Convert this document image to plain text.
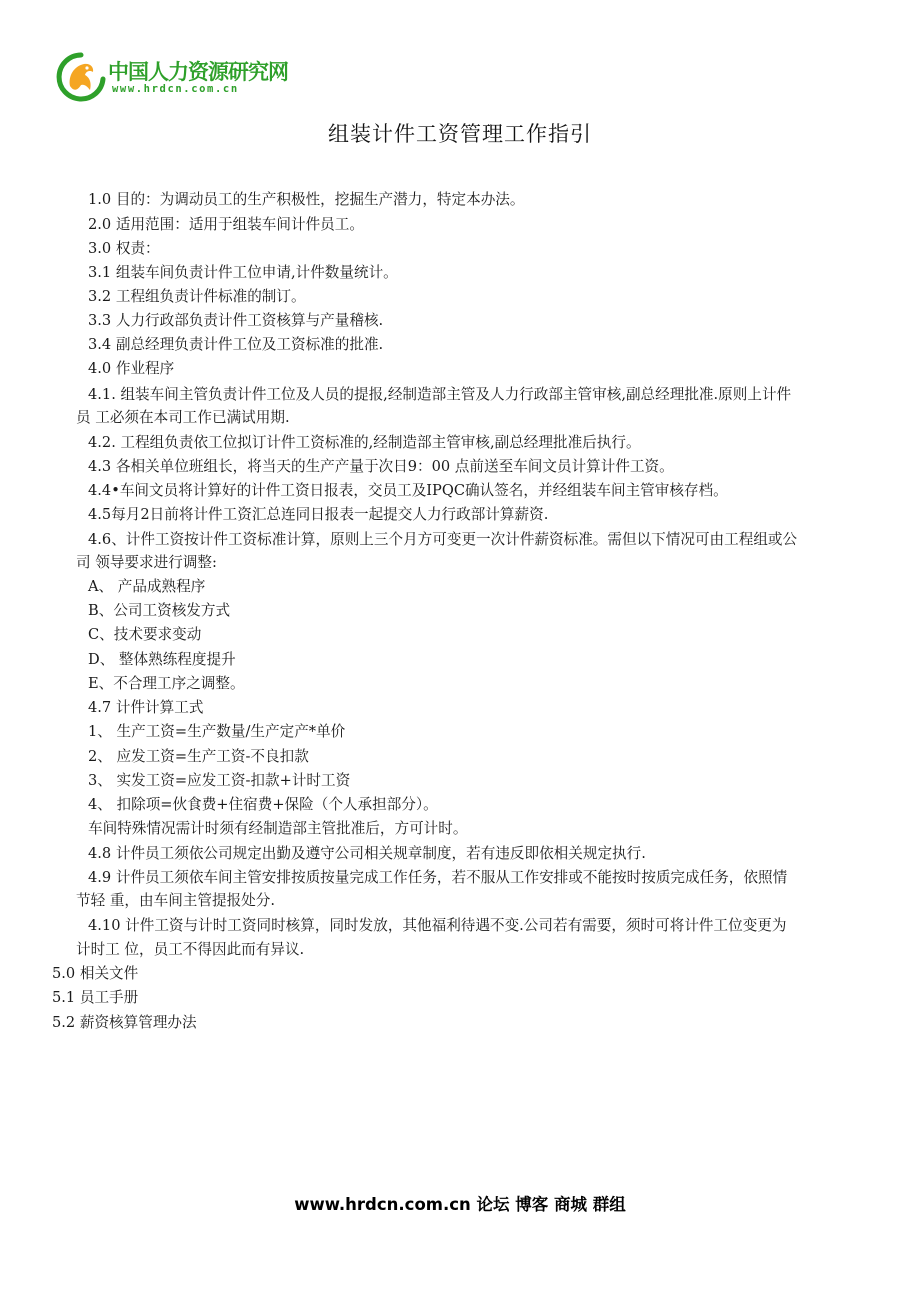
中国人力资源研究网
www.hrdcn.com.cn
组装计件工资管理工作指引
1.0 目的：为调动员工的生产积极性，挖掘生产潜力，特定本办法。
2.0 适用范围：适用于组装车间计件员工。
3.0 权责：
3.1 组装车间负责计件工位申请,计件数量统计。
3.2 工程组负责计件标准的制订。
3.3 人力行政部负责计件工资核算与产量稽核.
3.4 副总经理负责计件工位及工资标准的批准.
4.0 作业程序
4.1. 组装车间主管负责计件工位及人员的提报,经制造部主管及人力行政部主管审核,副总经理批准.原则上计件
员 工必须在本司工作已满试用期.
4.2. 工程组负责依工位拟订计件工资标准的,经制造部主管审核,副总经理批准后执行。
4.3 各相关单位班组长，将当天的生产产量于次日9：00 点前送至车间文员计算计件工资。
4.4•车间文员将计算好的计件工资日报表，交员工及IPQC确认签名，并经组装车间主管审核存档。
4.5每月2日前将计件工资汇总连同日报表一起提交人力行政部计算薪资.
4.6、计件工资按计件工资标准计算，原则上三个月方可变更一次计件薪资标准。需但以下情况可由工程组或公
司 领导要求进行调整:
A、 产品成熟程序
B、公司工资核发方式
C、技术要求变动
D、 整体熟练程度提升
E、不合理工序之调整。
4.7 计件计算工式
1、 生产工资=生产数量/生产定产*单价
2、 应发工资=生产工资-不良扣款
3、 实发工资=应发工资-扣款+计时工资
4、 扣除项=伙食费+住宿费+保险（个人承担部分）。
车间特殊情况需计时须有经制造部主管批准后，方可计时。
4.8 计件员工须依公司规定出勤及遵守公司相关规章制度，若有违反即依相关规定执行.
4.9 计件员工须依车间主管安排按质按量完成工作任务，若不服从工作安排或不能按时按质完成任务，依照情
节轻 重，由车间主管提报处分.
4.10 计件工资与计时工资同时核算，同时发放，其他福利待遇不变.公司若有需要，须时可将计件工位变更为
计时工 位，员工不得因此而有异议.
5.0 相关文件
5.1 员工手册
5.2 薪资核算管理办法
www.hrdcn.com.cn 论坛 博客 商城 群组
